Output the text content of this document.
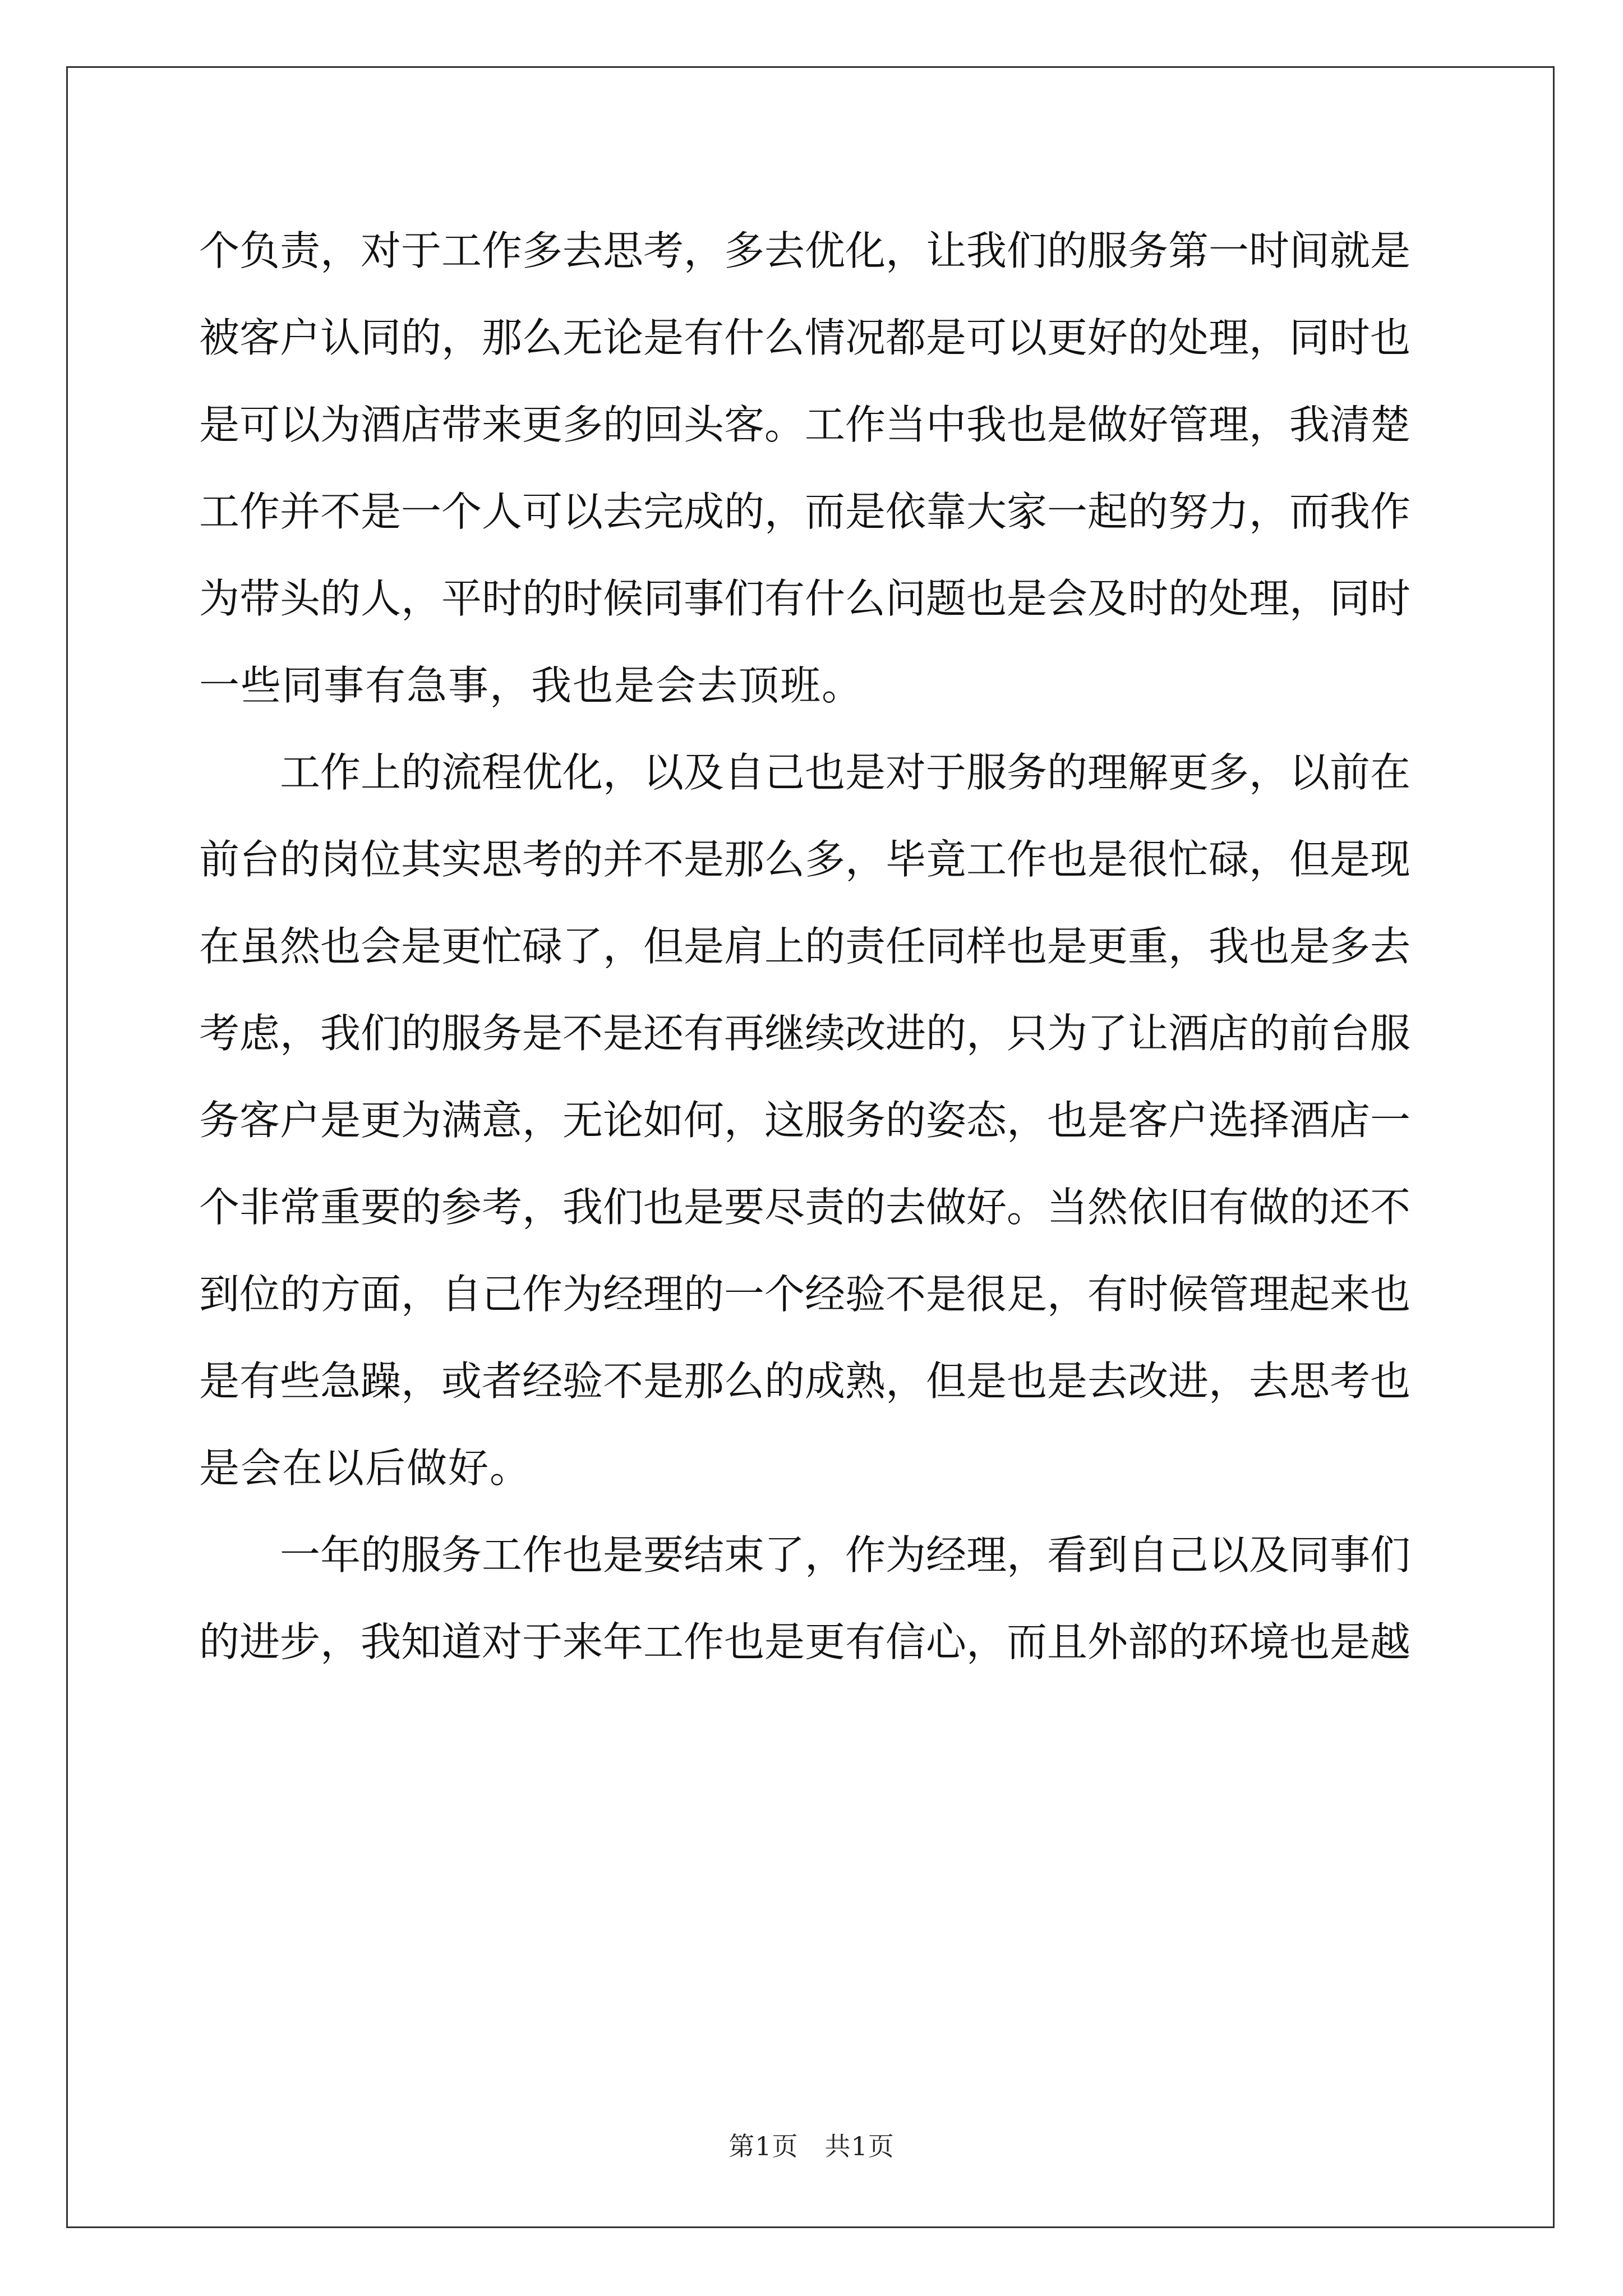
个负责，对于工作多去思考，多去优化，让我们的服务第一时间就是
被客户认同的，那么无论是有什么情况都是可以更好的处理，同时也
是可以为酒店带来更多的回头客。工作当中我也是做好管理，我清楚
工作并不是一个人可以去完成的，而是依靠大家一起的努力，而我作
为带头的人，平时的时候同事们有什么问题也是会及时的处理，同时
一些同事有急事，我也是会去顶班。
　　工作上的流程优化，以及自己也是对于服务的理解更多，以前在
前台的岗位其实思考的并不是那么多，毕竟工作也是很忙碌，但是现
在虽然也会是更忙碌了，但是肩上的责任同样也是更重，我也是多去
考虑，我们的服务是不是还有再继续改进的，只为了让酒店的前台服
务客户是更为满意，无论如何，这服务的姿态，也是客户选择酒店一
个非常重要的参考，我们也是要尽责的去做好。当然依旧有做的还不
到位的方面，自己作为经理的一个经验不是很足，有时候管理起来也
是有些急躁，或者经验不是那么的成熟，但是也是去改进，去思考也
是会在以后做好。
　　一年的服务工作也是要结束了，作为经理，看到自己以及同事们
的进步，我知道对于来年工作也是更有信心，而且外部的环境也是越
第1页 共1页
